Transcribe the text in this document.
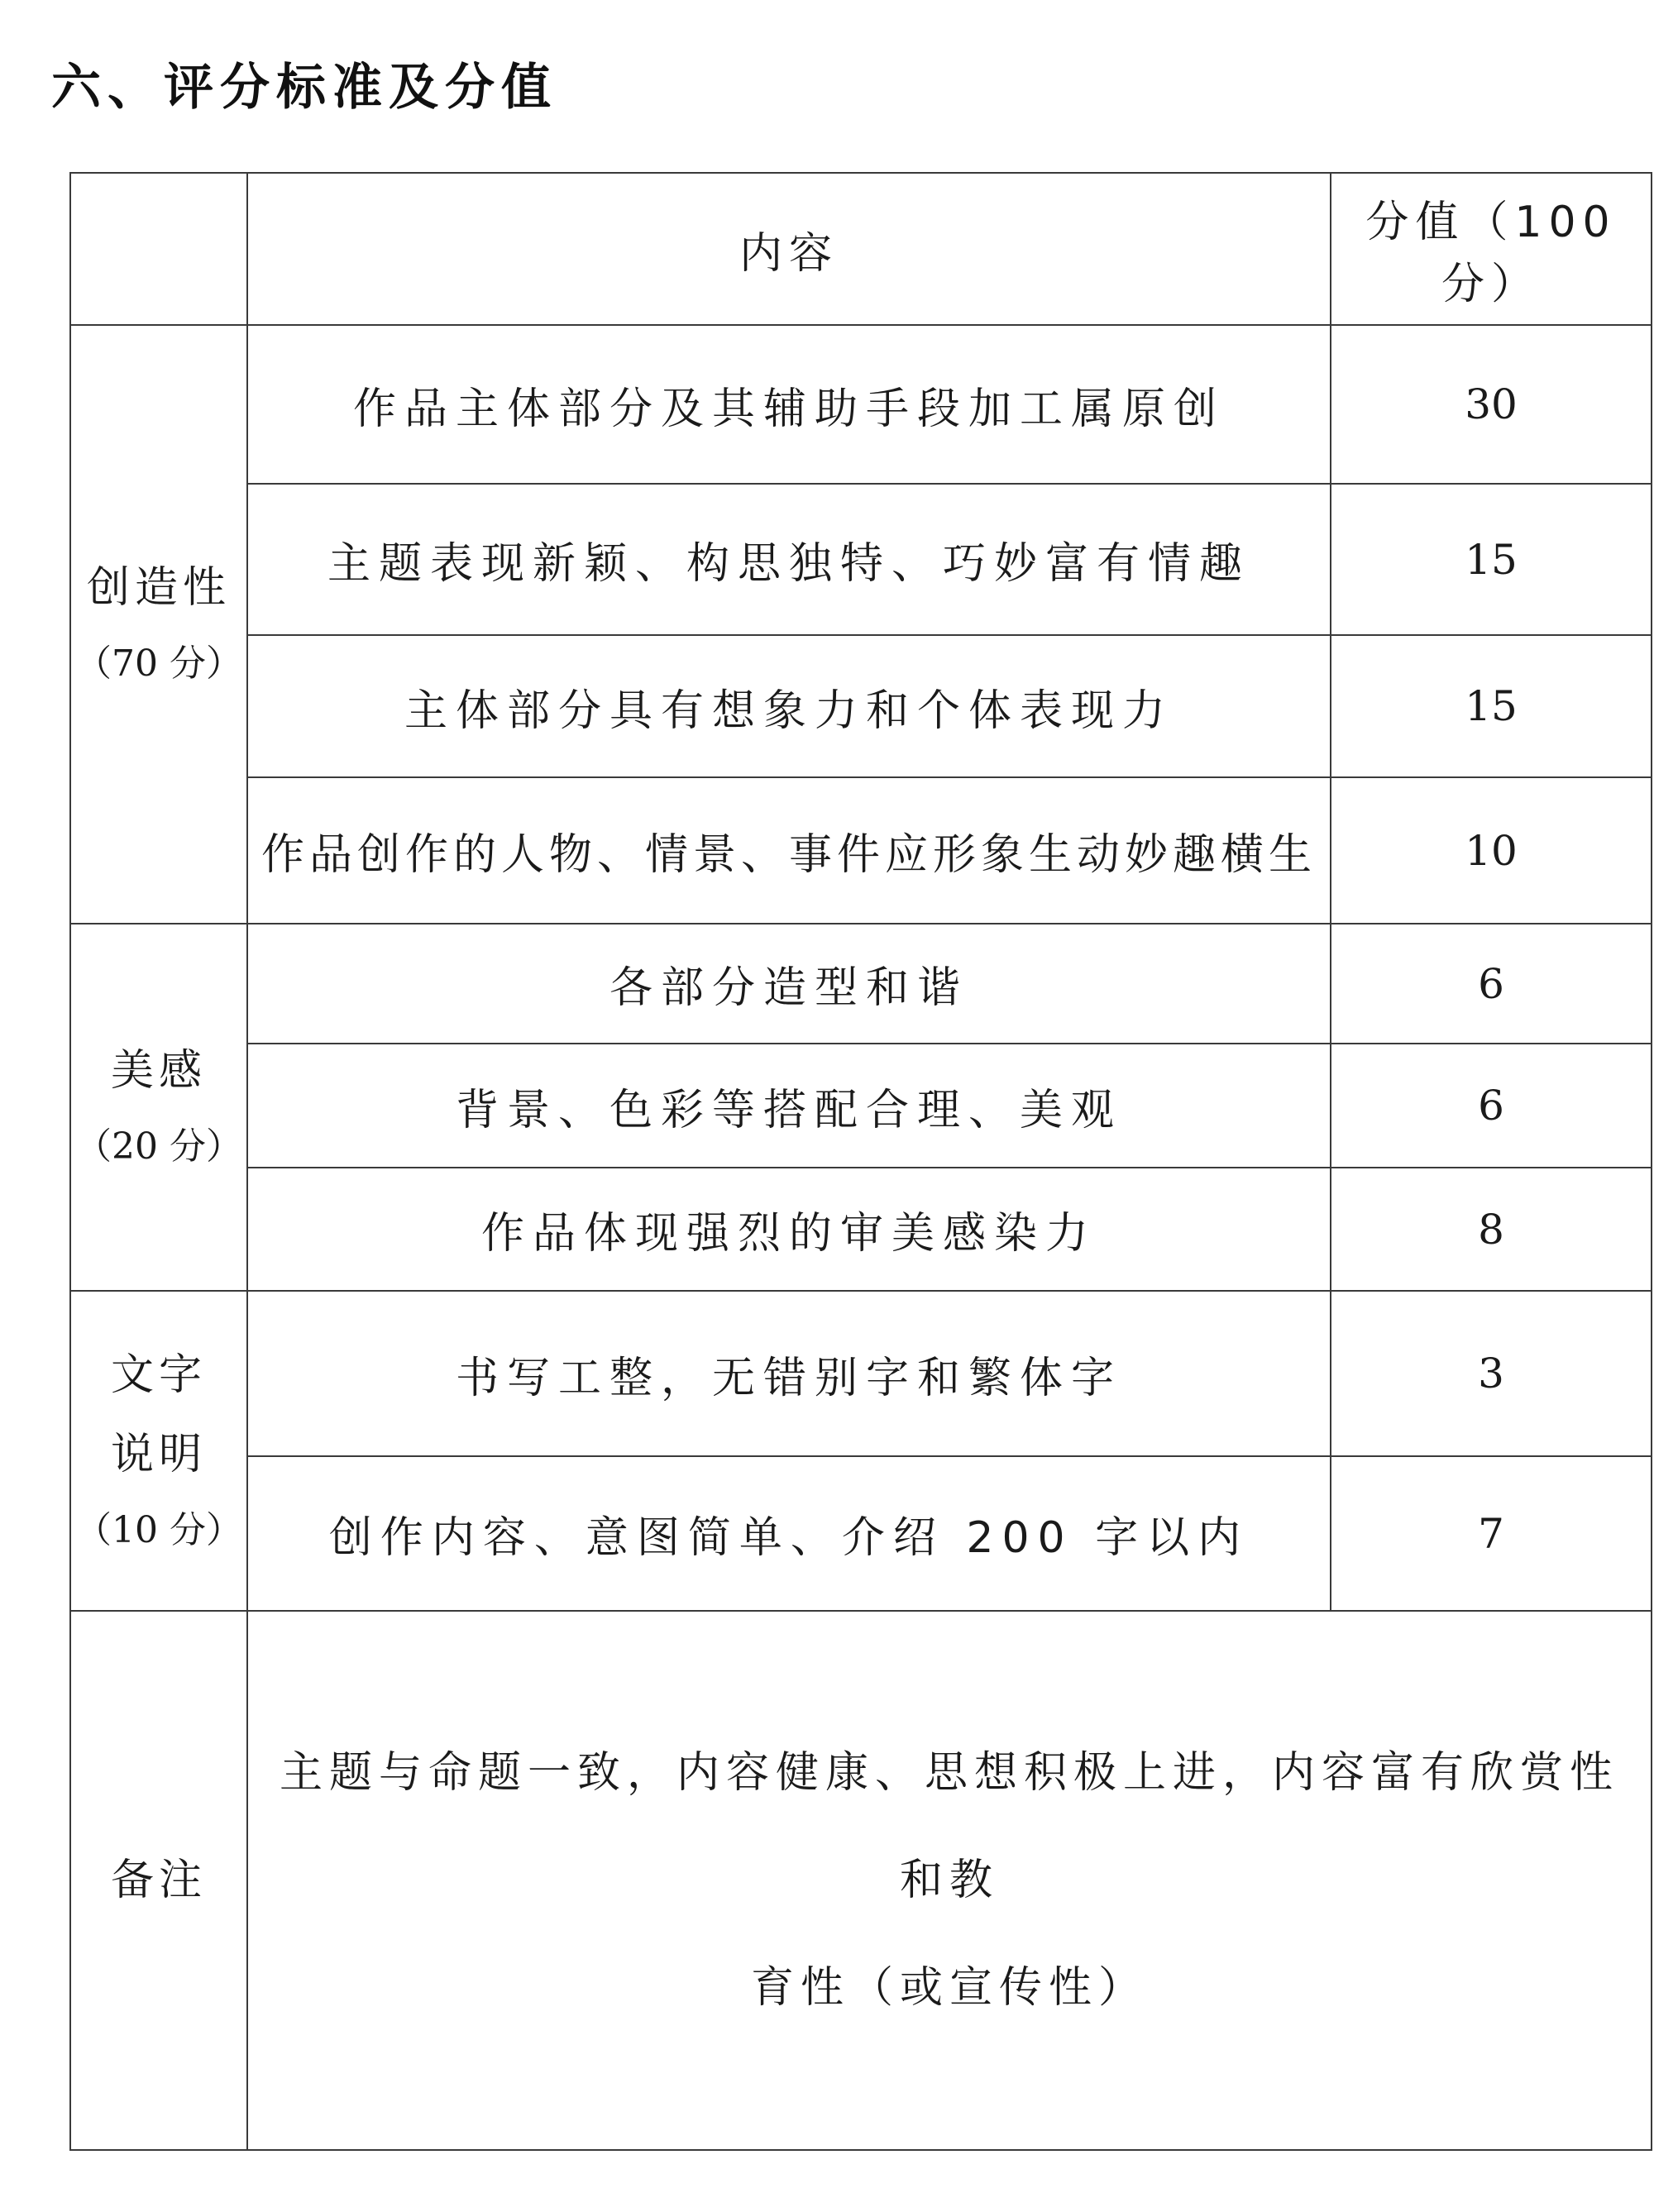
六、评分标准及分值
	内容	分值（100 分）

创造性
（70 分）	作品主体部分及其辅助手段加工属原创	30
	主题表现新颖、构思独特、巧妙富有情趣	15
	主体部分具有想象力和个体表现力	15
	作品创作的人物、情景、事件应形象生动妙趣横生	10

美感
（20 分）	各部分造型和谐	6
	背景、色彩等搭配合理、美观	6
	作品体现强烈的审美感染力	8

文字
说明
（10 分）	书写工整，无错别字和繁体字	3
	创作内容、意图简单、介绍 200 字以内	7

备注	主题与命题一致，内容健康、思想积极上进，内容富有欣赏性和教
育性（或宣传性）	
